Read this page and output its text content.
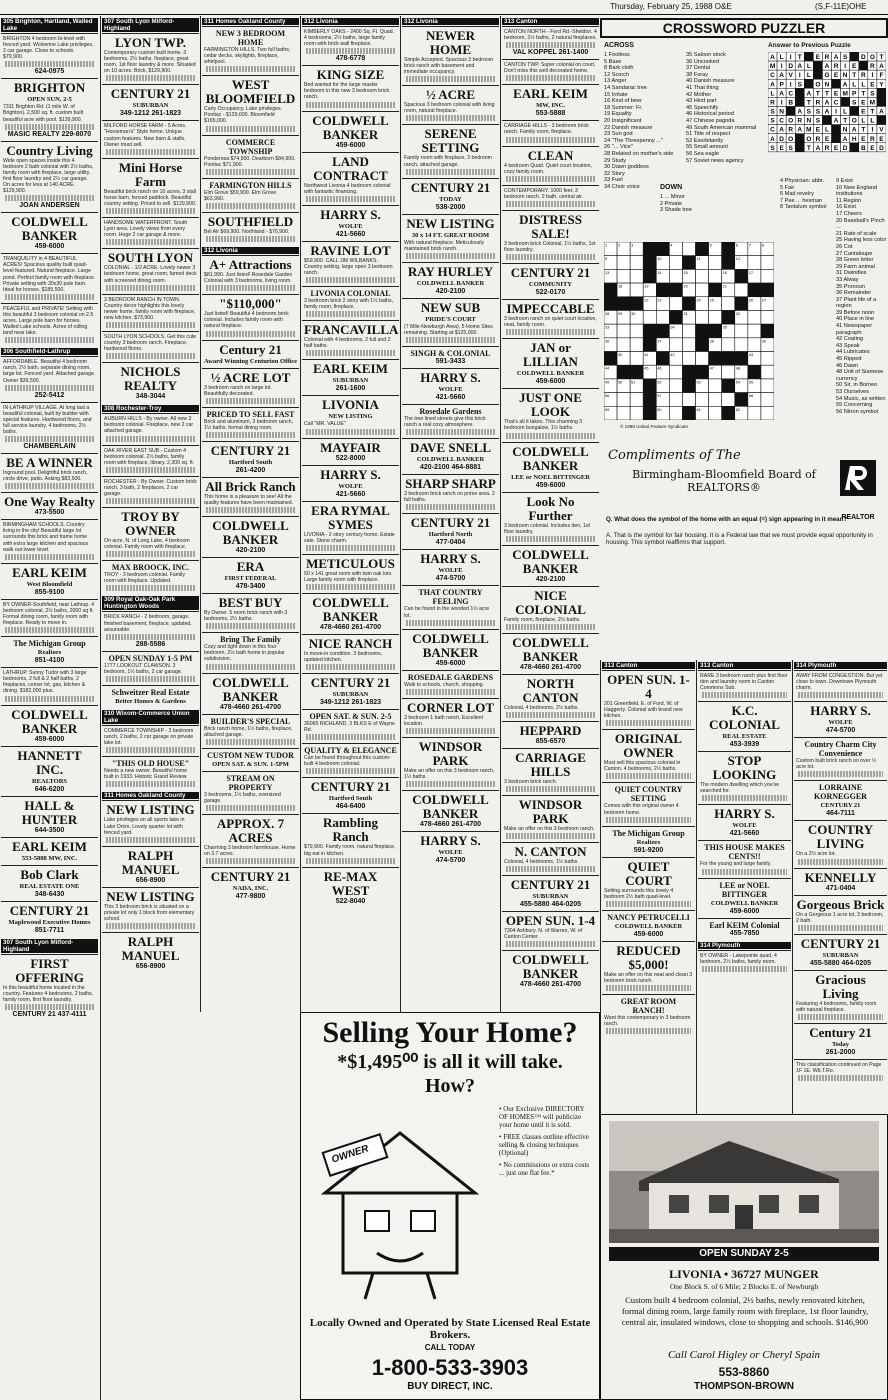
Thursday, February 25, 1988 O&E	(S,F-11E)OHE
305 Brighton, Hartland, Walled Lake
BRIGHTON 4 bedroom bi-level with fenced yard. Wolverine Lake privileges. 2 car garage. Close to schools. $79,900.
624-0975
BRIGHTON
OPEN SUN. 2-5
7311 Brighton Rd. (1 mile W. of Brighton). 2,500 sq. ft. custom built beautiful acre with pool. $139,900.
MASIC REALTY 229-8070
Country Living
Wide open spaces inside this 4 bedroom 2 bath colonial with 2½ baths, family room with fireplace, large utility, first floor laundry and 2½ car garage. On acres for less at 140 ACRE. $129,900.
JOAN ANDERSEN
COLDWELL BANKER
459-6000
TRANQUILITY in 4 BEAUTIFUL ACRES! Spacious quality built quad-level featured. Natural fireplace. Large pond. Perfect family room with fireplace. Private setting with 30x30 pole barn. Ideal for horses. $189,500.
PEACEFUL and PRIVATE! Setting with this beautiful 3 bedroom colonial on 2.5 acres. Large pole barn for horses. Walled Lake schools. Acres of rolling land near lake.
306 Southfield-Lathrup
AFFORDABLE. Beautiful 4 bedroom ranch, 2½ bath, separate dining room, large lot. Fenced yard. Attached garage. Owner $39,500.
252-5412
IN-LATHRUP VILLAGE. At long last a beautiful colonial, built by builder with special features. Hardwood floors, and full service laundry. 4 bedrooms, 2½ baths.
CHAMBERLAIN
BE A WINNER
Inground pool. Delightful brick ranch, circle drive, patio. Asking $83,500.
One Way Realty
473-5500
BIRMINGHAM SCHOOLS. Country living in the city! Beautiful large lot surrounds this brick and frame home with extra large kitchen and spacious walk out lower level.
EARL KEIM
West Bloomfield
855-9100
BY OWNER-Southfield, near Lathrup. 4 bedroom colonial, 2½ baths, 2000 sq ft. Formal dining room, family room with fireplace. Ready to move in.
The Michigan Group
Realtors
851-4100
LATHRUP. Sunny Tudor with 3 large bedrooms, 2 full & 2 half baths, 2 fireplaces, corner lot, gas, kitchen & dining. $182,000 plus.
COLDWELL BANKER
459-6000
HANNETT INC.
REALTORS
646-6200
HALL & HUNTER
644-3500
EARL KEIM
553-5888 MW, INC.
Bob Clark
REAL ESTATE ONE
348-6430
CENTURY 21
Maplewood Executive Homes
851-7711
307 South Lyon Milford-Highland
FIRST OFFERING
In this beautiful home located in the country. Features 4 bedrooms, 2 baths, family room, first floor laundry.
CENTURY 21 437-4111
307 South Lyon Milford-Highland
LYON TWP.
Contemporary custom built home. 3 bedrooms, 2½ baths, fireplace, great room, 1st floor laundry & more. Situated on 10 acres. Brick, $129,900.
CENTURY 21
SUBURBAN
349-1212 261-1823
MILFORD HORSE FARM - 5 Acres. "Horseman's" Style home. Unique custom features. New barn & stalls. Owner must sell.
Mini Horse Farm
Beautiful brick ranch on 10 acres, 3 stall horse barn, fenced paddock. Beautiful country setting. Priced to sell. $129,900.
HANDSOME WATERFRONT. South Lyon area. Lovely views from every room. Huge 2 car garage & more.
SOUTH LYON
COLONIAL - 1/2 ACRE. Lovely newer 3 bedroom home, great room, famed deck with screened dining room.
3 BEDROOM RANCH IN TOWN. Country decor highlights this lovely newer home, family room with fireplace, new kitchen. $73,900.
SOUTH LYON SCHOOLS. Get this cute country 3 bedroom ranch. Fireplace, hardwood floors.
NICHOLS REALTY
348-3044
308 Rochester-Troy
AUBURN HILLS - By owner. All new 3 bedroom colonial. Fireplace, new 2 car attached garage.
OAK RIVER EAST SUB - Custom 4 bedroom colonial. 2½ baths, family room with fireplace, library. 2,300 sq. ft.
ROCHESTER - By Owner. Custom brick ranch, 3 bath, 2 fireplaces, 2 car garage.
TROY BY OWNER
On acre, N. of Long Lake, 4 bedroom colonial. Family room with fireplace.
MAX BROOCK, INC.
TROY - 3 bedroom colonial. Family room with fireplace. Updated.
309 Royal Oak-Oak Park Huntington Woods
BRICK RANCH - 2 bedroom, garage, finished basement, fireplace, updated, assumable.
288-5586
OPEN SUNDAY 1-5 PM
1777 LOOKOUT CLAWSON. 3 bedroom, 1½ baths, 2 car garage.
Schweitzer Real Estate
Better Homes & Gardens
310 Wixom-Commerce Union Lake
COMMERCE TOWNSHIP - 3 bedroom ranch, 2 baths, 2 car garage on private lake lot.
"THIS OLD HOUSE"
Needs a new owner. Beautiful home built in 1933. Historic Grand Review
311 Homes Oakland County
NEW LISTING
Lake privileges on all sports lake in Lake Orion. Lovely quarter lot with fenced yard.
RALPH MANUEL
656-8900
NEW LISTING
This 3 bedroom brick is situated on a private lot only 1 block from elementary school.
RALPH MANUEL
656-8900
311 Homes Oakland County
NEW 3 BEDROOM HOME
FARMINGTON HILLS. Two full baths, cedar decks, skylights, fireplace, whirlpool.
WEST BLOOMFIELD
Carly Occupancy. Lake privileges. Pontiac - $139,600. Bloomfield $165,000.
COMMERCE TOWNSHIP
Ponderosa $74,900. Dearborn $84,900. Pontiac $71,900.
FARMINGTON HILLS
Elm Grove $59,900. Elm Grove $63,990.
SOUTHFIELD
Bel Air $69,900. Northland - $76,900.
312 Livonia
A+ Attractions
$81,990. Just listed! Rosedale Garden Colonial with 3 bedrooms, living room.
"$110,000"
Just listed! Beautiful 4 bedroom brick colonial. Includes family room with natural fireplace.
Century 21
Award Winning Centurion Office
½ ACRE LOT
3 bedroom ranch on large lot. Beautifully decorated.
PRICED TO SELL FAST
Brick and aluminum, 3 bedroom ranch, 1½ baths, formal dining room.
CENTURY 21
Hartford South
261-4200
All Brick Ranch
This home is a pleasure to see! All the quality features have been maintained.
COLDWELL BANKER
420-2100
ERA
FIRST FEDERAL
478-3400
BEST BUY
By Owner. 5 room brick ranch with 3 bedrooms, 2½ baths.
Bring The Family
Cozy and tight down in this four bedroom, 2½ bath home in popular subdivision.
COLDWELL BANKER
478-4660 261-4700
BUILDER'S SPECIAL
Brick ranch home, 1½ baths, fireplace, attached garage.
CUSTOM NEW TUDOR
OPEN SAT. & SUN. 1-5PM
STREAM ON PROPERTY
3 bedrooms, 1½ baths, oversized garage.
APPROX. 7 ACRES
Charming 3 bedroom farmhouse. Home on 3.7 acres.
CENTURY 21
NADA, INC.
477-9800
312 Livonia
KIMBERLY OAKS - 2400 Sq. Ft. Quad. 4 bedrooms, 2½ baths, large family room with brick wall fireplace.
478-6778
KING SIZE
Bed wanted for the large master bedroom in this new 3 bedroom brick ranch.
COLDWELL BANKER
459-6000
LAND CONTRACT
Northwest Livonia 4 bedroom colonial with fantastic financing.
HARRY S.
WOLFE
421-5660
RAVINE LOT
$59,900. CALL JIM WILBANKS. Country setting, large open 3 bedroom ranch.
LIVONIA COLONIAL
3 bedroom brick 2 story with 1½ baths, family room, fireplace.
FRANCAVILLA
Colonial with 4 bedrooms, 2 full and 2 half baths.
EARL KEIM
SUBURBAN
261-1600
LIVONIA
NEW LISTING
Call "MR. VALUE"
MAYFAIR
522-8000
HARRY S.
WOLFE
421-5660
ERA RYMAL SYMES
LIVONIA - 2 story century home. Estate sale. Stone charm.
METICULOUS
50 x 141 great room with twin oak lots. Large family room with fireplace.
COLDWELL BANKER
478-4660 261-4700
NICE RANCH
In move-in condition. 3 bedrooms, updated kitchen.
CENTURY 21
SUBURBAN
349-1212 261-1823
OPEN SAT. & SUN. 2-5
36065 RICHLAND. 3 BLKS E of Wayne Rd.
QUALITY & ELEGANCE
Can be found throughout this custom-built 4 bedroom colonial.
CENTURY 21
Hartford South
464-6400
Rambling Ranch
$79,900. Family room, natural fireplace, big eat in kitchen.
RE-MAX WEST
522-8040
312 Livonia
NEWER HOME
Simple Accepted. Spacious 3 bedroom brick ranch with basement and immediate occupancy.
½ ACRE
Spacious 3 bedroom colonial with living room, natural fireplace.
SERENE SETTING
Family room with fireplace, 3 bedroom ranch, attached garage.
CENTURY 21
TODAY
538-2000
NEW LISTING
30 x 14 FT. GREAT ROOM
With natural fireplace. Meticulously maintained brick ranch.
RAY HURLEY
COLDWELL BANKER
420-2100
NEW SUB
PRIDE'S COURT
(7 Mile-Newburgh Area). 5 Home Sites remaining. Starting at $125,000.
SINGH & COLONIAL
591-3433
HARRY S.
WOLFE
421-5660
Rosedale Gardens
The tree lined streets give this brick ranch a real cozy atmosphere.
DAVE SNELL
COLDWELL BANKER
420-2100 464-8881
SHARP SHARP
3 bedroom brick ranch on prime area. 2 full baths.
CENTURY 21
Hartford North
477-0404
HARRY S.
WOLFE
474-5700
THAT COUNTRY FEELING
Can be found in the wooded 1½ acre lot.
COLDWELL BANKER
459-6000
ROSEDALE GARDENS
Walk to schools, church, shopping.
CORNER LOT
3 bedroom 1 bath ranch. Excellent location.
WINDSOR PARK
Make an offer on this 3 bedroom ranch, 1½ baths.
COLDWELL BANKER
478-4660 261-4700
HARRY S.
WOLFE
474-5700
313 Canton
CANTON NORTH - Ford Rd.-Sheldon. 4 bedroom, 2½ baths, 2 natural fireplaces.
VAL KOPPEL 261-1400
CANTON TWP. Super colonial on court. Don't miss this well decorated home.
EARL KEIM
MW, INC.
553-5888
CARRIAGE HILLS - 3 bedroom brick ranch. Family room, fireplace.
CLEAN
4 bedroom Quad. Quiet court location, cozy family room.
CONTEMPORARY. 1000 feet. 3 bedroom ranch. 2 bath, central air.
DISTRESS SALE!
3 bedroom brick Colonial, 1½ baths, 1st floor laundry.
CENTURY 21
COMMUNITY
522-0170
IMPECCABLE
3 bedroom ranch on quiet court location, neat, family room.
JAN or LILLIAN
COLDWELL BANKER
459-6000
JUST ONE LOOK
That's all it takes. This charming 3 bedroom bungalow, 1½ baths.
COLDWELL BANKER
LEE or NOEL BITTINGER
459-6000
Look No Further
3 bedroom colonial. Includes den, 1st floor laundry.
COLDWELL BANKER
420-2100
NICE COLONIAL
Family room, fireplace, 2½ baths.
COLDWELL BANKER
478-4660 261-4700
NORTH CANTON
Colonial, 4 bedrooms, 2½ baths.
HEPPARD
855-6570
CARRIAGE HILLS
3 bedroom brick ranch.
WINDSOR PARK
Make an offer on this 3 bedroom ranch.
N. CANTON
Colonial, 4 bedrooms, 1½ baths.
CENTURY 21
SUBURBAN
455-5880 464-0205
OPEN SUN. 1-4
7304 Ashbury. N. of Warren, W. of Canton Center.
COLDWELL BANKER
478-4660 261-4700
313 Canton
OPEN SUN. 1-4
201 Greenfield, E. of Ford, W. of Haggerty. Colonial with brand new kitchen.
ORIGINAL OWNER
Must sell this spacious colonial in Canton. 4 bedrooms, 2½ baths.
QUIET COUNTRY SETTING
Comes with this original owner 4 bedroom home.
The Michigan Group
Realtors
591-9200
QUIET COURT
Setting surrounds this lovely 4 bedroom 2½ bath quad-level.
NANCY PETRUCELLI
COLDWELL BANKER
459-6000
REDUCED $5,000!
Make an offer on this neat and clean 3 bedroom brick ranch.
GREAT ROOM RANCH!
Want this contemporary in 3 bedroom ranch.
313 Canton
RARE 3 bedroom ranch plus first floor den and laundry room in Canton Commons Sub.
K.C. COLONIAL
REAL ESTATE
453-3939
STOP LOOKING
The modern dwelling which you've searched for.
HARRY S.
WOLFE
421-5660
THIS HOUSE MAKES CENTS!!
For the young and large family.
LEE or NOEL BITTINGER
COLDWELL BANKER
459-6000
Earl KEIM Colonial
455-7850
314 Plymouth
BY OWNER - Lakepointe quad, 4 bedroom, 2½ baths, family room.
314 Plymouth
AWAY FROM CONGESTION. But yet close to town. Downtown Plymouth charm.
HARRY S.
WOLFE
474-5700
Country Charm City Convenience
Custom built brick ranch on over ½ acre lot.
LORRAINE KORNEGGER
CENTURY 21
464-7111
COUNTRY LIVING
On a 2½ acre lot.
KENNELLY
471-0404
Gorgeous Brick
On a Gorgeous 1 acre lot, 3 bedroom, 2 bath.
CENTURY 21
SUBURBAN
455-5880 464-0205
Gracious Living
Featuring 4 bedrooms, family room with natural fireplace.
Century 21
Today
261-2000
This classification continued on Page 1F 1E. Wb.T.Ro.
CROSSWORD PUZZLER
ACROSS	Answer to Previous Puzzle
1 Footless
5 Base
8 Bark cloth
12 Scorch
13 Anger
14 Sandarac tree
15 Irritate
16 Kind of beer
18 Summer: Fr.
19 Equality
20 Insignificant
22 Danish measure
23 Sun god
24 "The Threepenny ..."
26 "... Vice"
28 Related on mother's side
29 Study
30 Dawn goddess
32 Story
33 Fuel
34 Choir voice
35 Saloon stock
36 Uncooked
37 Dental
38 Foray
40 Danish measure
41 That thing
42 Mother
43 Hind part
45 Speechify
46 Historical period
47 Chinese pagoda
49 South American mammal
51 Title of respect
52 Exorbitantly
55 Small amount
56 Sea eagle
57 Soviet news agency
A L I T E R A S D O T
M I D A L A R I E R A
C A V I L G E N T R I F
A P I S O N A L L E Y
L A C A T T E M P T S
R I B T R A C S E M
S N A S S A I L E T A
S C O R N S A T O L L
C A R A M E L N A T I V
A D O O R E A H E R E
S E S T A R E D B E D
DOWN
1 ... Minor
2 Private
3 Shade tree
4 Physician: abbr.
5 Fair
6 Mad revelry
7 Pee ... hexman
8 Tantalum symbol
9 Exist
10 New England institutions
11 Region
16 Exist
17 Cheers
20 Baseball's Pinch ...
21 Rate of scale
25 Having less color
26 Cot
27 Cantaloupe
28 Green letter
29 Farm animal
31 Dwindles
33 Alway
35 Pronoun
36 Remainder
37 Plant life of a region
39 Before noon
40 Place in line
41 Newspaper paragraph
42 Coating
43 Speak
44 Lubricates
45 Ripped
46 Dawn
48 Unit of Siamese currency
50 Sir, in Borneo
53 Ourselves
54 Music, as written
55 Concerning
56 Nitron symbol
1	2	3	4	5	6	7	8
9	10	11	12
13	14	15	16	17
18	19	20	21
22 23	24 25	26 27
28 29 30	31	32
33	34	35
36	37	38	39
40	41	42	43
44	45 46	47	48
49 50 51	52	53	54 55
56	57	58
59	60	61	62
© 1988 United Feature Syndicate
Compliments of The
Birmingham-Bloomfield Board of REALTORS®
REALTOR
Q. What does the symbol of the home with an equal (=) sign appearing in it mean?
A. That is the symbol for fair housing. It is a Federal law that we must provide equal opportunity in housing. This symbol reaffirms that support.
Selling Your Home?
*$1,495⁰⁰ is all it will take.
How?
OWNER
• Our Exclusive DIRECTORY OF HOMES™ will publicize your home until it is sold.
• FREE classes outline effective selling & closing techniques (Optional)
• No commissions or extra costs ... just one flat fee.*
Locally Owned and Operated by State Licensed Real Estate Brokers.
CALL TODAY
1-800-533-3903
BUY DIRECT, INC.
OPEN SUNDAY 2-5
LIVONIA • 36727 MUNGER
One Block S. of 6 Mile; 2 Blocks E. of Newburgh
Custom built 4 bedroom colonial, 2½ baths, newly renovated kitchen, formal dining room, large family room with fireplace, 1st floor laundry, central air, insulated windows, close to shopping and schools. $146,900
Call Carol Higley or Cheryl Spain
553-8860
THOMPSON-BROWN
